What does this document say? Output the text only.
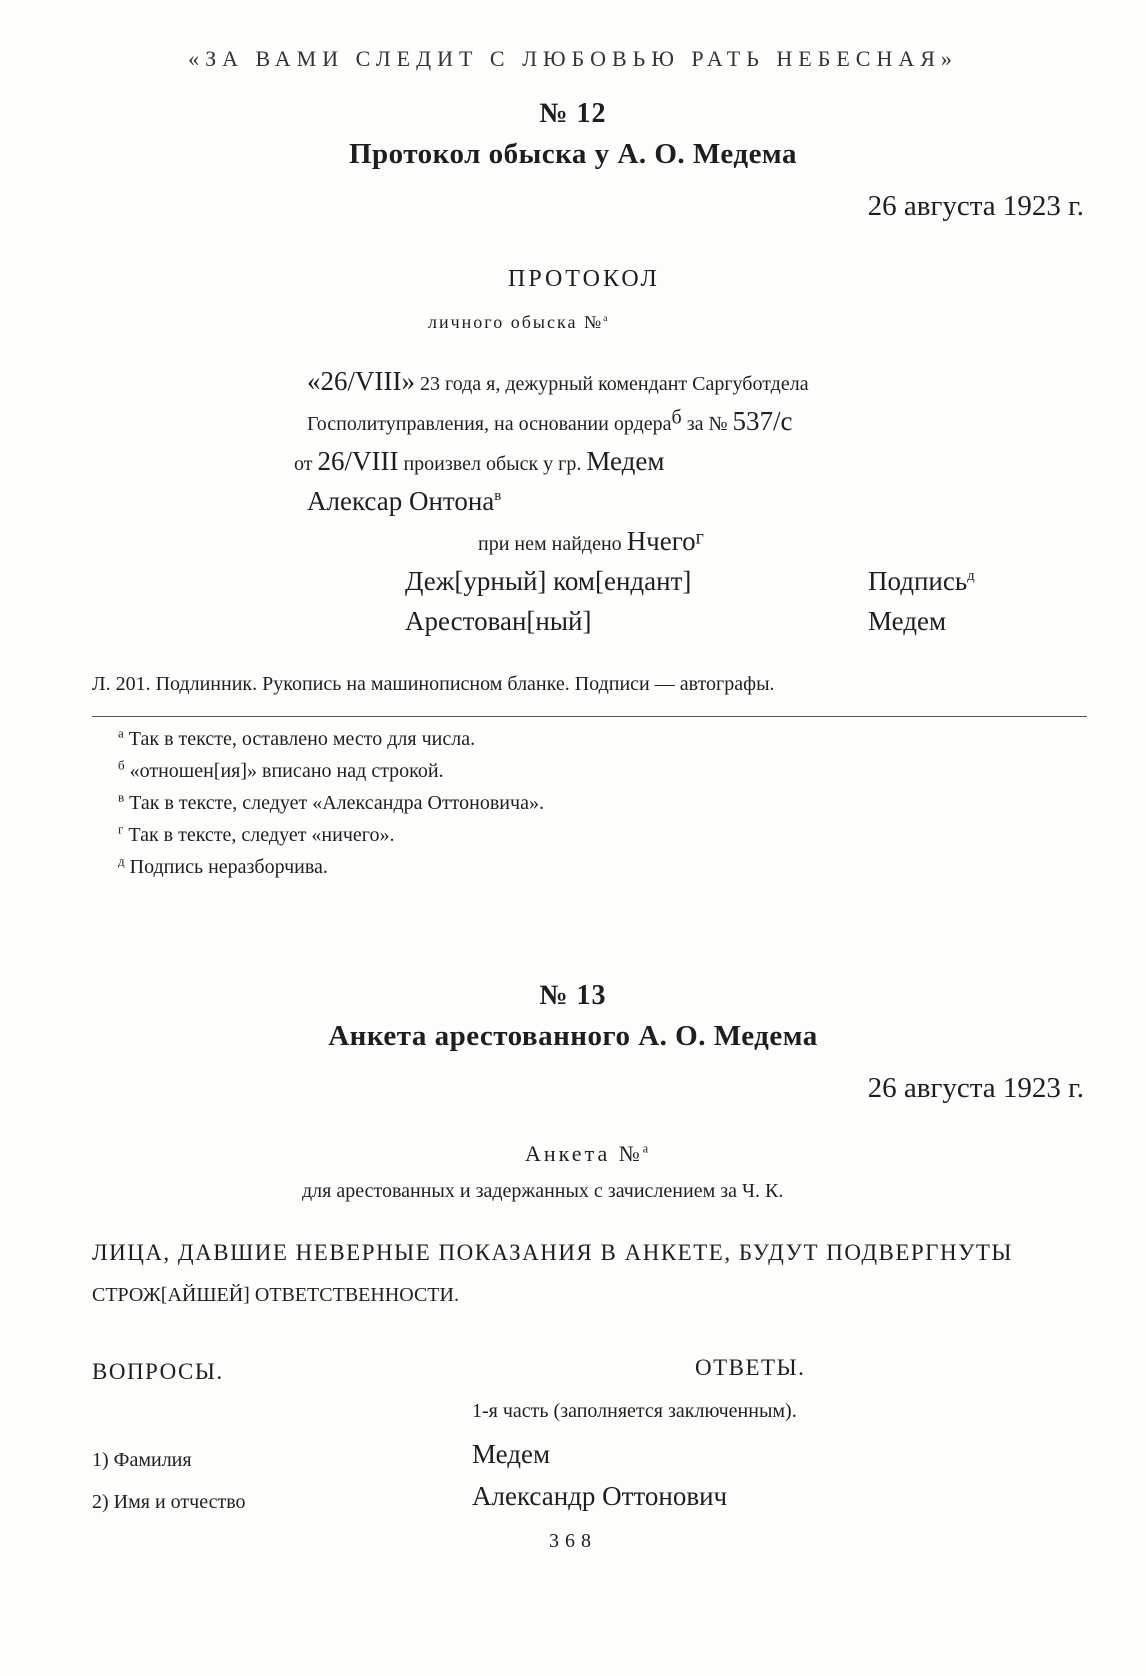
«ЗА ВАМИ СЛЕДИТ С ЛЮБОВЬЮ РАТЬ НЕБЕСНАЯ»
№ 12
Протокол обыска у А. О. Медема
26 августа 1923 г.
ПРОТОКОЛ
личного обыска №$^а$
«26/VIII» 23 года я, дежурный комендант Саргуботдела
Госполитуправления, на основании ордера$^б$ за № 537/с
от 26/VIII произвел обыск у гр. Медем
Алексар Онтона$^в$
при нем найдено Нчего$^г$
Деж[урный] ком[ендант]	Подпись$^д$
Арестован[ный]	Медем
Л. 201. Подлинник. Рукопись на машинописном бланке. Подписи — автографы.
$^а$ Так в тексте, оставлено место для числа.
$^б$ «отношен[ия]» вписано над строкой.
$^в$ Так в тексте, следует «Александра Оттоновича».
$^г$ Так в тексте, следует «ничего».
$^д$ Подпись неразборчива.
№ 13
Анкета арестованного А. О. Медема
26 августа 1923 г.
Анкета №$^а$
для арестованных и задержанных с зачислением за Ч. К.
ЛИЦА, ДАВШИЕ НЕВЕРНЫЕ ПОКАЗАНИЯ В АНКЕТЕ, БУДУТ ПОДВЕРГНУТЫ
СТРОЖ[АЙШЕЙ] ОТВЕТСТВЕННОСТИ.
ВОПРОСЫ.	ОТВЕТЫ.
1-я часть (заполняется заключенным).
1) Фамилия	Медем
2) Имя и отчество	Александр Оттонович
368
